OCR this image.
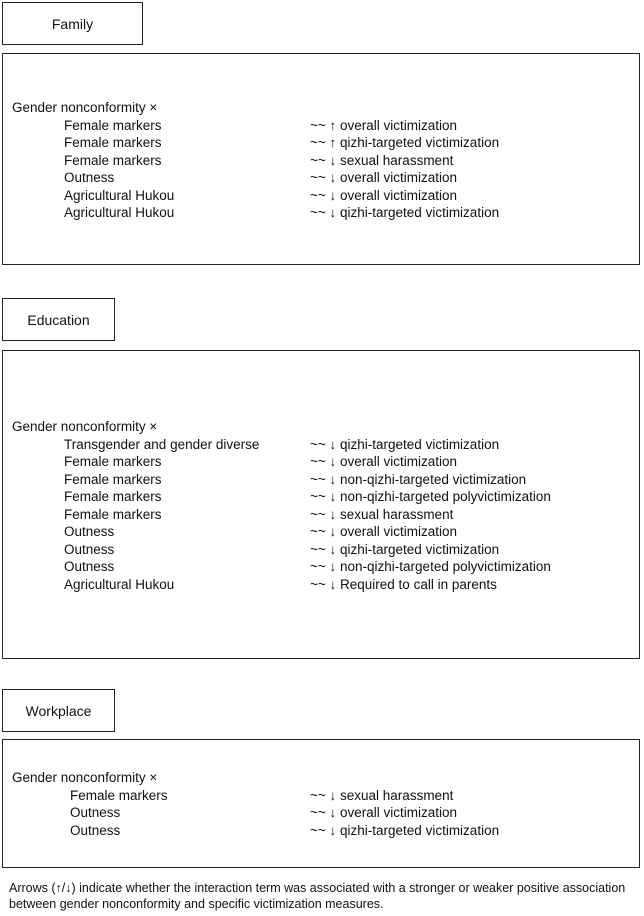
Family
Gender nonconformity ×
Female markers	~~ ↑ overall victimization
Female markers	~~ ↑ qizhi-targeted victimization
Female markers	~~ ↓ sexual harassment
Outness	~~ ↓ overall victimization
Agricultural Hukou	~~ ↓ overall victimization
Agricultural Hukou	~~ ↓ qizhi-targeted victimization
Education
Gender nonconformity ×
Transgender and gender diverse	~~ ↓ qizhi-targeted victimization
Female markers	~~ ↓ overall victimization
Female markers	~~ ↓ non-qizhi-targeted victimization
Female markers	~~ ↓ non-qizhi-targeted polyvictimization
Female markers	~~ ↓ sexual harassment
Outness	~~ ↓ overall victimization
Outness	~~ ↓ qizhi-targeted victimization
Outness	~~ ↓ non-qizhi-targeted polyvictimization
Agricultural Hukou	~~ ↓ Required to call in parents
Workplace
Gender nonconformity ×
Female markers	~~ ↓ sexual harassment
Outness	~~ ↓ overall victimization
Outness	~~ ↓ qizhi-targeted victimization
Arrows (↑/↓) indicate whether the interaction term was associated with a stronger or weaker positive association between gender nonconformity and specific victimization measures.
